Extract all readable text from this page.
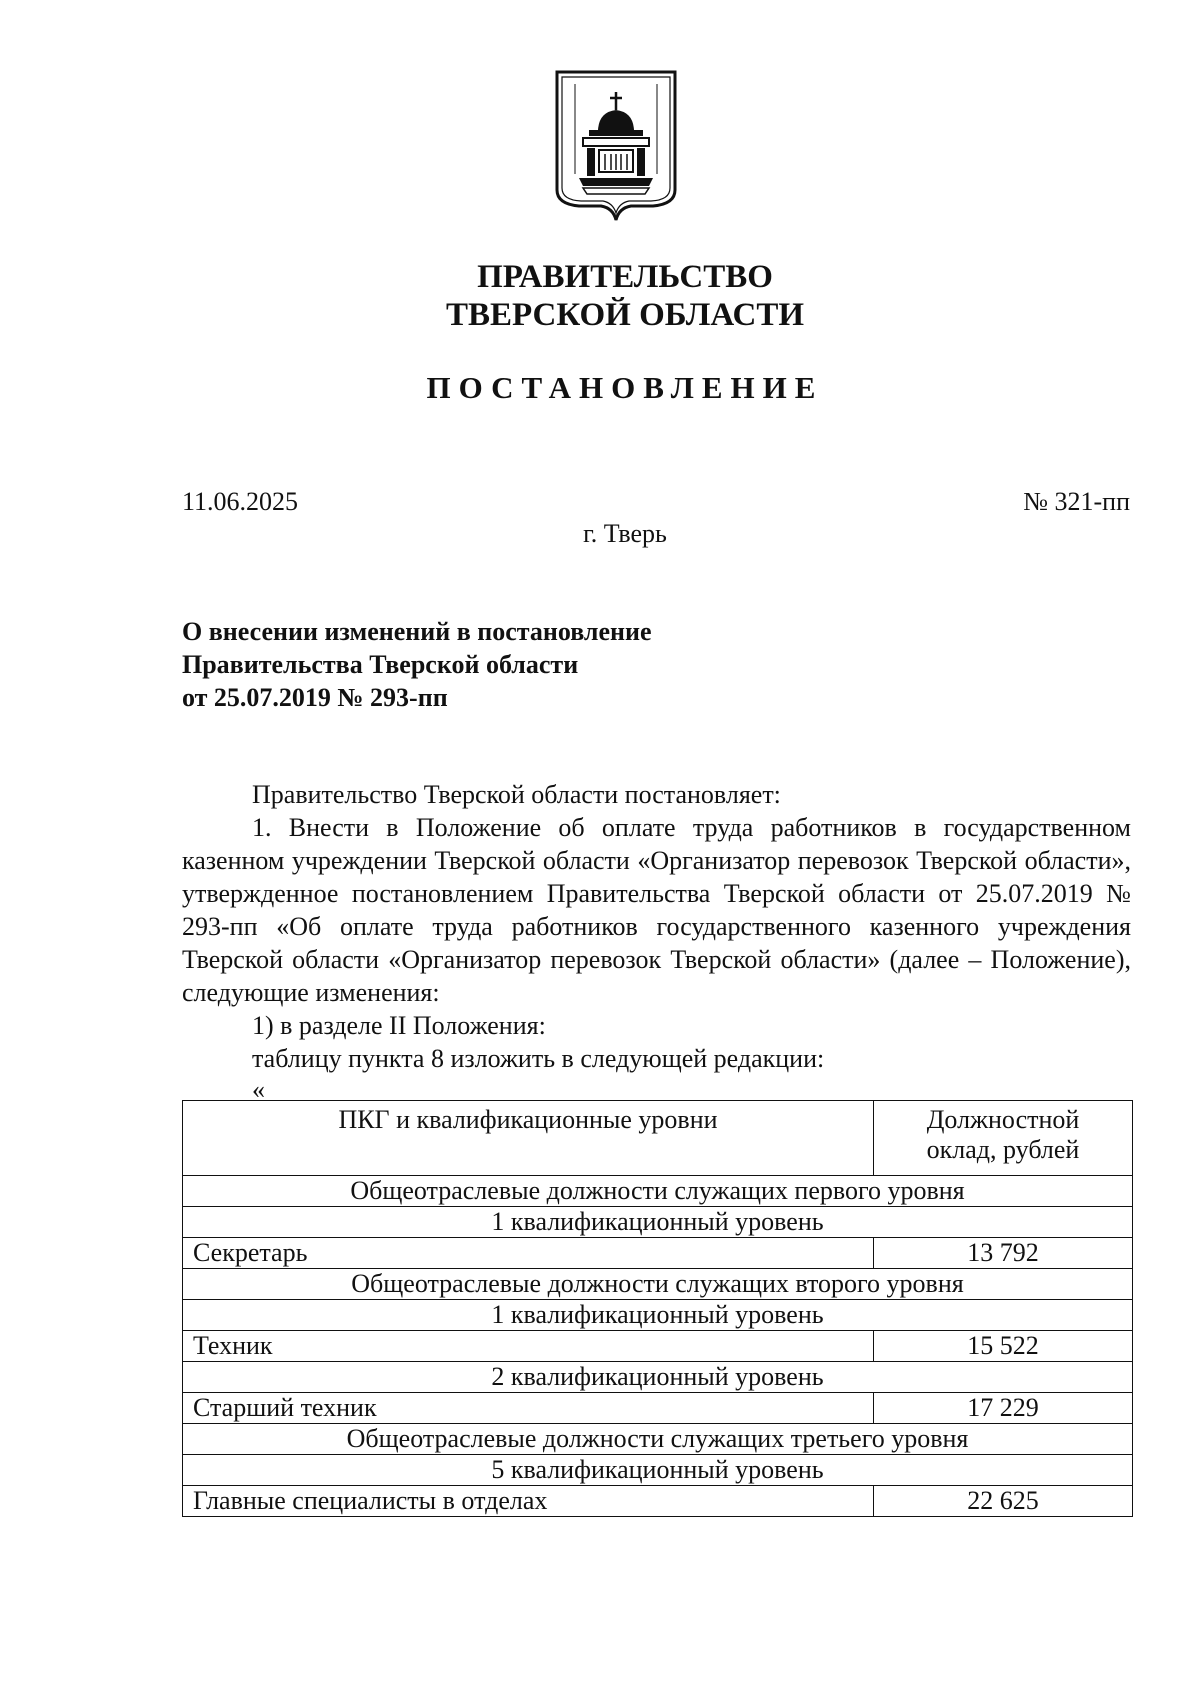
ПРАВИТЕЛЬСТВО
ТВЕРСКОЙ ОБЛАСТИ
ПОСТАНОВЛЕНИЕ
11.06.2025	№ 321-пп
г. Тверь
О внесении изменений в постановление
Правительства Тверской области
от 25.07.2019 № 293-пп
Правительство Тверской области постановляет:
1. Внести в Положение об оплате труда работников в государственном казенном учреждении Тверской области «Организатор перевозок Тверской области», утвержденное постановлением Правительства Тверской области от 25.07.2019 № 293-пп «Об оплате труда работников государственного казенного учреждения Тверской области «Организатор перевозок Тверской области» (далее – Положение), следующие изменения:
1) в разделе II Положения:
таблицу пункта 8 изложить в следующей редакции:
«
ПКГ и квалификационные уровни	Должностной
оклад, рублей

Общеотраслевые должности служащих первого уровня	
1 квалификационный уровень	
Секретарь	13 792
Общеотраслевые должности служащих второго уровня	
1 квалификационный уровень	
Техник	15 522
2 квалификационный уровень	
Старший техник	17 229
Общеотраслевые должности служащих третьего уровня	
5 квалификационный уровень	
Главные специалисты в отделах	22 625
